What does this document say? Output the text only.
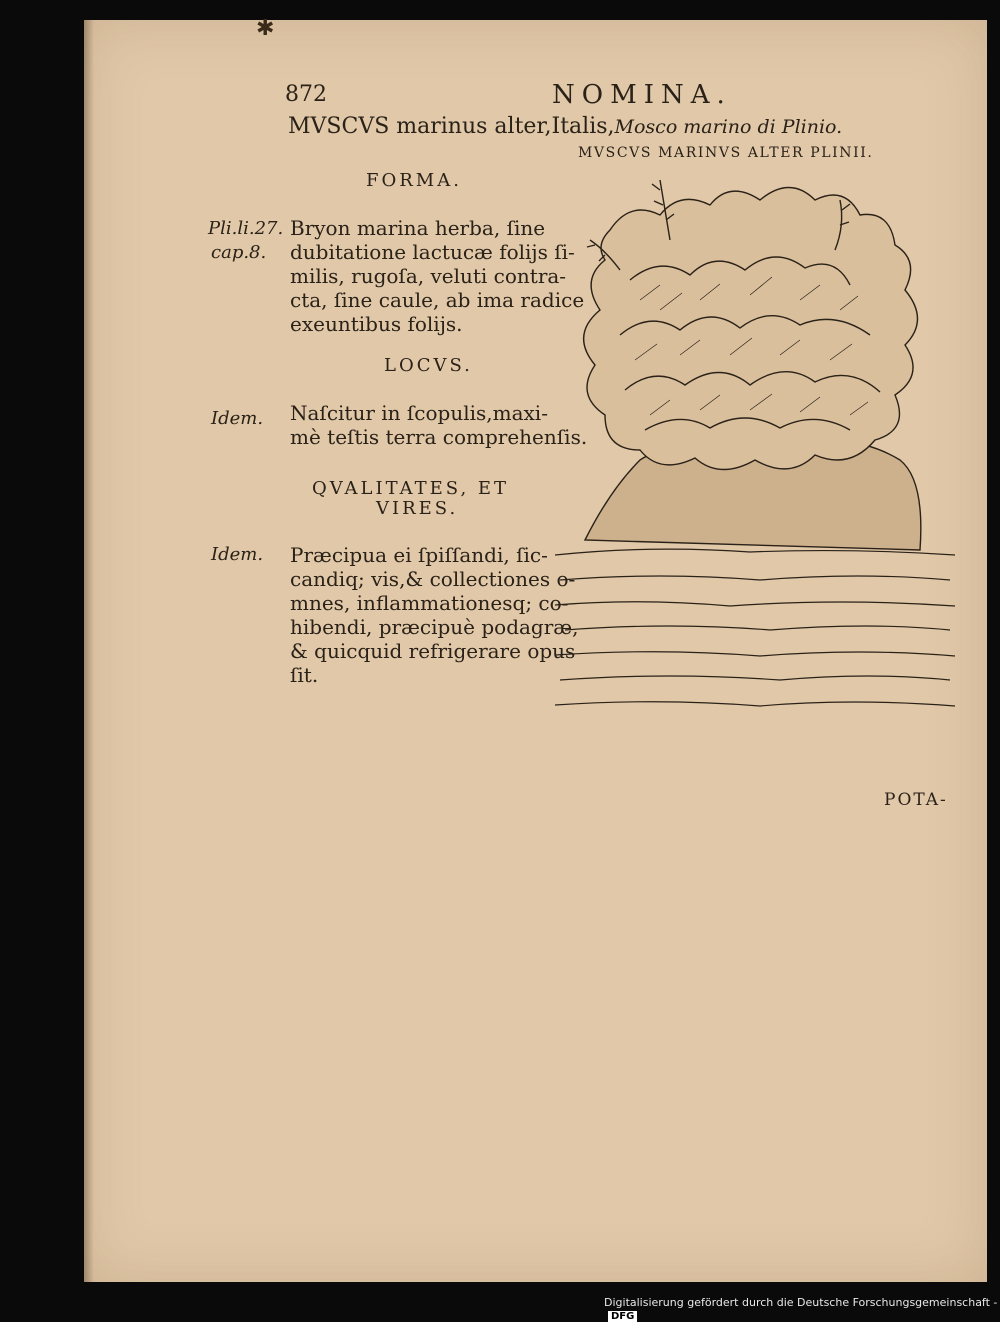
✱
872	NOMINA.
MVSCVS marinus alter,Italis,Mosco marino di Plinio.
MVSCVS MARINVS ALTER PLINII.
FORMA.
Pli.li.27.
cap.8.
Bryon marina herba, ſine
dubitatione lactucæ folijs ſi-
milis, rugoſa, veluti contra-
cta, ſine caule, ab ima radice
exeuntibus folijs.
LOCVS.
Idem. Naſcitur in ſcopulis,maxi-
mè teſtis terra comprehenſis.
QVALITATES, ET
VIRES.
Idem. Præcipua ei ſpiſſandi, ſic-
candiq; vis,& collectiones o-
mnes, inflammationesq; co-
hibendi, præcipuè podagræ,
& quicquid refrigerare opus
ſit.
POTA-
Digitalisierung gefördert durch die Deutsche Forschungsgemeinschaft -DFG
